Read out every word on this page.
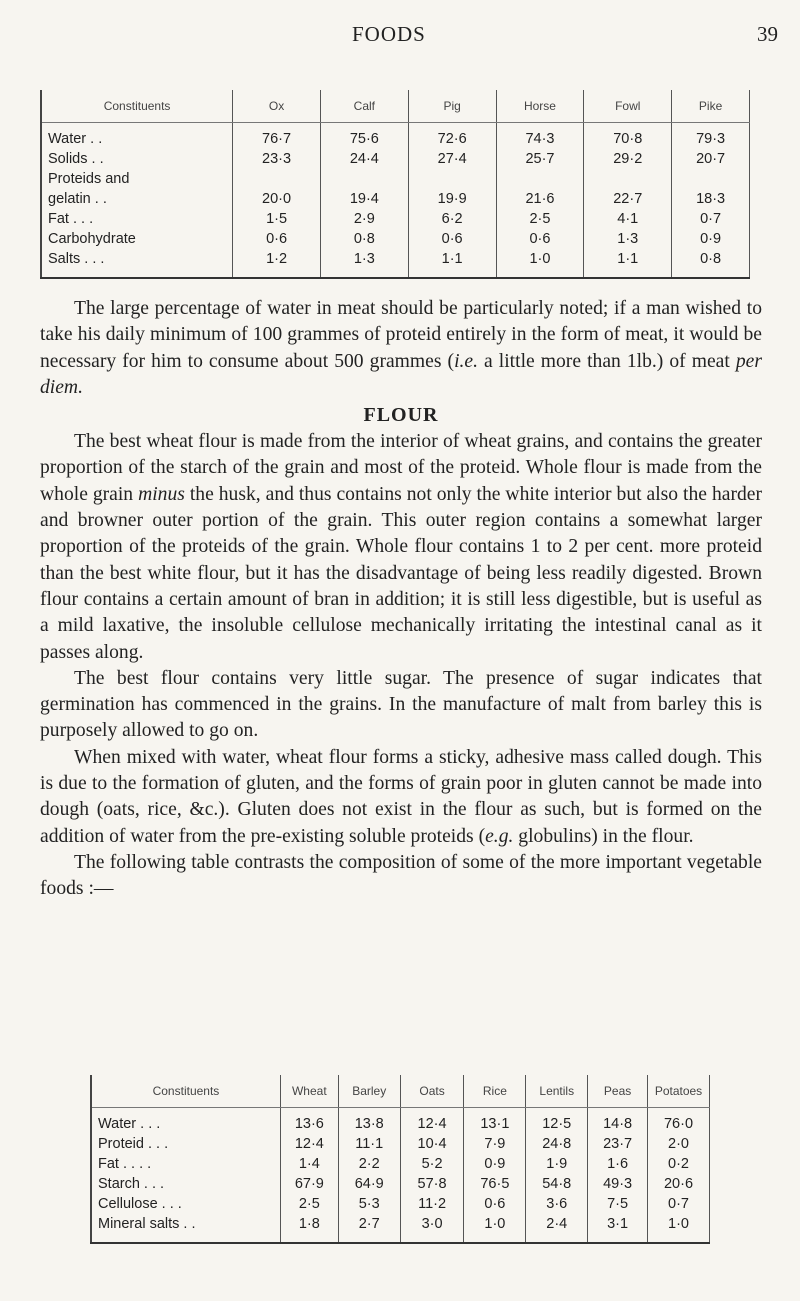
FOODS	39
Constituents	Ox	Calf	Pig	Horse	Fowl	Pike

Water . .	76·7	75·6	72·6	74·3	70·8	79·3
Solids . .	23·3	24·4	27·4	25·7	29·2	20·7
Proteids and						
gelatin . .	20·0	19·4	19·9	21·6	22·7	18·3
Fat . . .	1·5	2·9	6·2	2·5	4·1	0·7
Carbohydrate	0·6	0·8	0·6	0·6	1·3	0·9
Salts . . .	1·2	1·3	1·1	1·0	1·1	0·8

The large percentage of water in meat should be particularly noted; if a man wished to take his daily minimum of 100 grammes of proteid entirely in the form of meat, it would be necessary for him to consume about 500 grammes (i.e. a little more than 1lb.) of meat per diem.

FLOUR

The best wheat flour is made from the interior of wheat grains, and contains the greater proportion of the starch of the grain and most of the proteid. Whole flour is made from the whole grain minus the husk, and thus contains not only the white interior but also the harder and browner outer portion of the grain. This outer region contains a somewhat larger proportion of the proteids of the grain. Whole flour contains 1 to 2 per cent. more proteid than the best white flour, but it has the disadvantage of being less readily digested. Brown flour contains a certain amount of bran in addition; it is still less digestible, but is useful as a mild laxative, the insoluble cellulose mechanically irritating the intestinal canal as it passes along.

The best flour contains very little sugar. The presence of sugar indicates that germination has commenced in the grains. In the manufacture of malt from barley this is purposely allowed to go on.

When mixed with water, wheat flour forms a sticky, adhesive mass called dough. This is due to the formation of gluten, and the forms of grain poor in gluten cannot be made into dough (oats, rice, &c.). Gluten does not exist in the flour as such, but is formed on the addition of water from the pre-existing soluble proteids (e.g. globulins) in the flour.

The following table contrasts the composition of some of the more important vegetable foods :—

Constituents	Wheat	Barley	Oats	Rice	Lentils	Peas	Potatoes

Water . . .	13·6	13·8	12·4	13·1	12·5	14·8	76·0
Proteid . . .	12·4	11·1	10·4	7·9	24·8	23·7	2·0
Fat . . . .	1·4	2·2	5·2	0·9	1·9	1·6	0·2
Starch . . .	67·9	64·9	57·8	76·5	54·8	49·3	20·6
Cellulose . . .	2·5	5·3	11·2	0·6	3·6	7·5	0·7
Mineral salts . .	1·8	2·7	3·0	1·0	2·4	3·1	1·0
